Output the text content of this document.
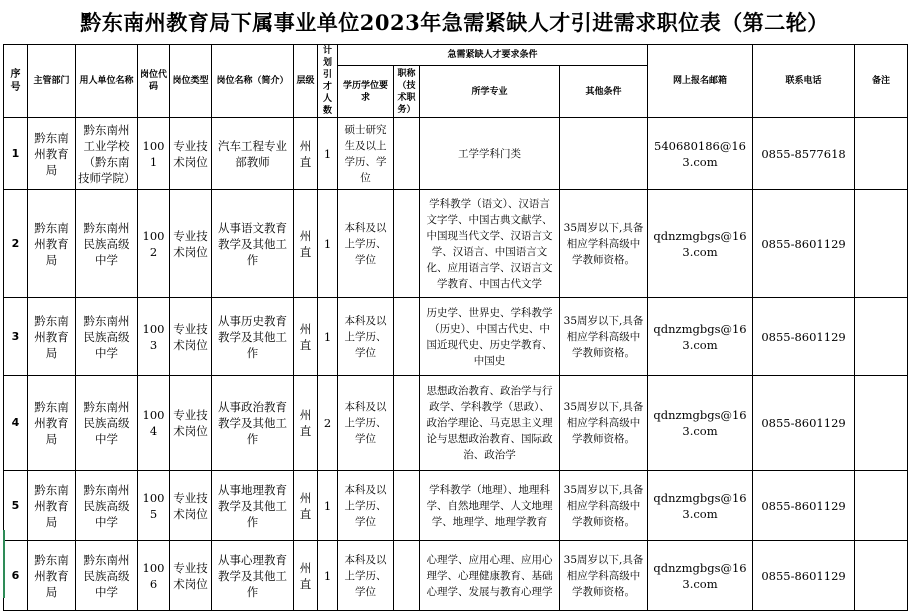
黔东南州教育局下属事业单位2023年急需紧缺人才引进需求职位表（第二轮）
序号	主管部门	用人单位名称	岗位代码	岗位类型	岗位名称（简介）	层级	计划引才人数	急需紧缺人才要求条件				网上报名邮箱	联系电话	备注
								学历学位要求	职称（技术职务）	所学专业	其他条件			
1	黔东南州教育局	黔东南州工业学校（黔东南技师学院）	1001	专业技术岗位	汽车工程专业部教师	州直	1	硕士研究生及以上学历、学位		工学学科门类		540680186@163.com	0855-8577618	
2	黔东南州教育局	黔东南州民族高级中学	1002	专业技术岗位	从事语文教育教学及其他工作	州直	1	本科及以上学历、学位		学科教学（语文）、汉语言文字学、中国古典文献学、中国现当代文学、汉语言文学、汉语言、中国语言文化、应用语言学、汉语言文学教育、中国古代文学	35周岁以下,具备相应学科高级中学教师资格。	qdnzmgbgs@163.com	0855-8601129	
3	黔东南州教育局	黔东南州民族高级中学	1003	专业技术岗位	从事历史教育教学及其他工作	州直	1	本科及以上学历、学位		历史学、世界史、学科教学（历史）、中国古代史、中国近现代史、历史学教育、中国史	35周岁以下,具备相应学科高级中学教师资格。	qdnzmgbgs@163.com	0855-8601129	
4	黔东南州教育局	黔东南州民族高级中学	1004	专业技术岗位	从事政治教育教学及其他工作	州直	2	本科及以上学历、学位		思想政治教育、政治学与行政学、学科教学（思政）、政治学理论、马克思主义理论与思想政治教育、国际政治、政治学	35周岁以下,具备相应学科高级中学教师资格。	qdnzmgbgs@163.com	0855-8601129	
5	黔东南州教育局	黔东南州民族高级中学	1005	专业技术岗位	从事地理教育教学及其他工作	州直	1	本科及以上学历、学位		学科教学（地理）、地理科学、自然地理学、人文地理学、地理学、地理学教育	35周岁以下,具备相应学科高级中学教师资格。	qdnzmgbgs@163.com	0855-8601129	
6	黔东南州教育局	黔东南州民族高级中学	1006	专业技术岗位	从事心理教育教学及其他工作	州直	1	本科及以上学历、学位		心理学、应用心理、应用心理学、心理健康教育、基础心理学、发展与教育心理学	35周岁以下,具备相应学科高级中学教师资格。	qdnzmgbgs@163.com	0855-8601129	
